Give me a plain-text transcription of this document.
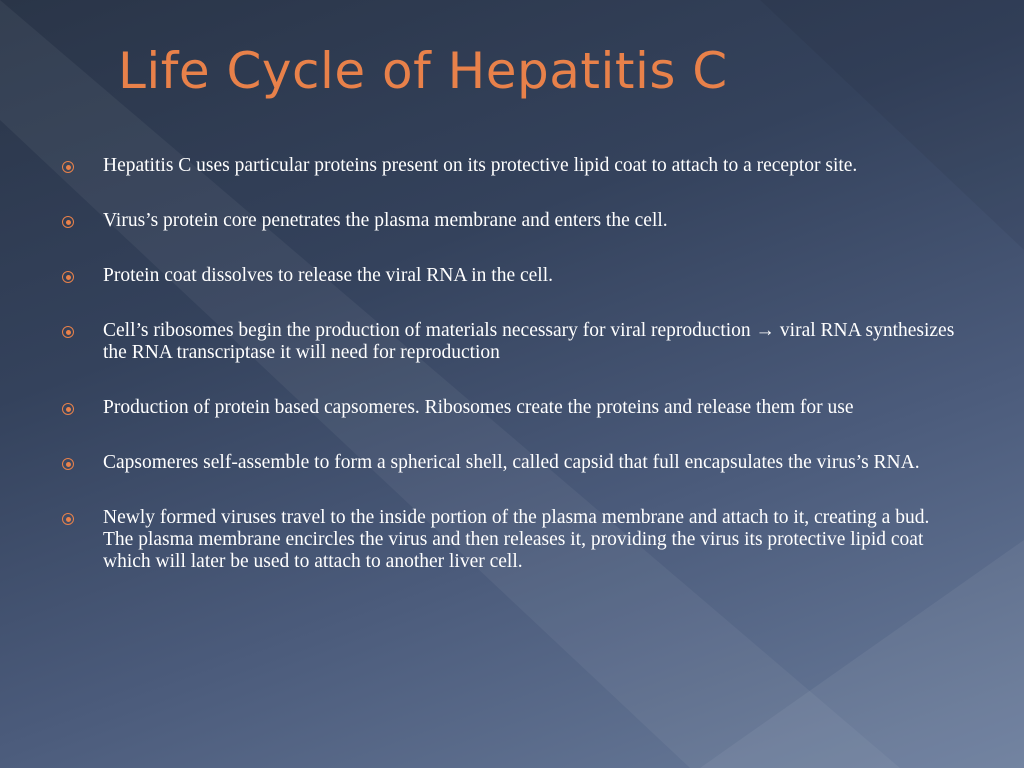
Life Cycle of Hepatitis C
Hepatitis C uses particular proteins present on its protective lipid coat to attach to a receptor site.
Virus’s protein core penetrates the plasma membrane and enters the cell.
Protein coat dissolves to release the viral RNA in the cell.
Cell’s ribosomes begin the production of materials necessary for viral reproduction → viral RNA synthesizes the RNA transcriptase it will need for reproduction
Production of protein based capsomeres. Ribosomes create the proteins and release them for use
Capsomeres self-assemble to form a spherical shell, called capsid that full encapsulates the virus’s RNA.
Newly formed viruses travel to the inside portion of the plasma membrane and attach to it, creating a bud. The plasma membrane encircles the virus and then releases it, providing the virus its protective lipid coat which will later be used to attach to another liver cell.
